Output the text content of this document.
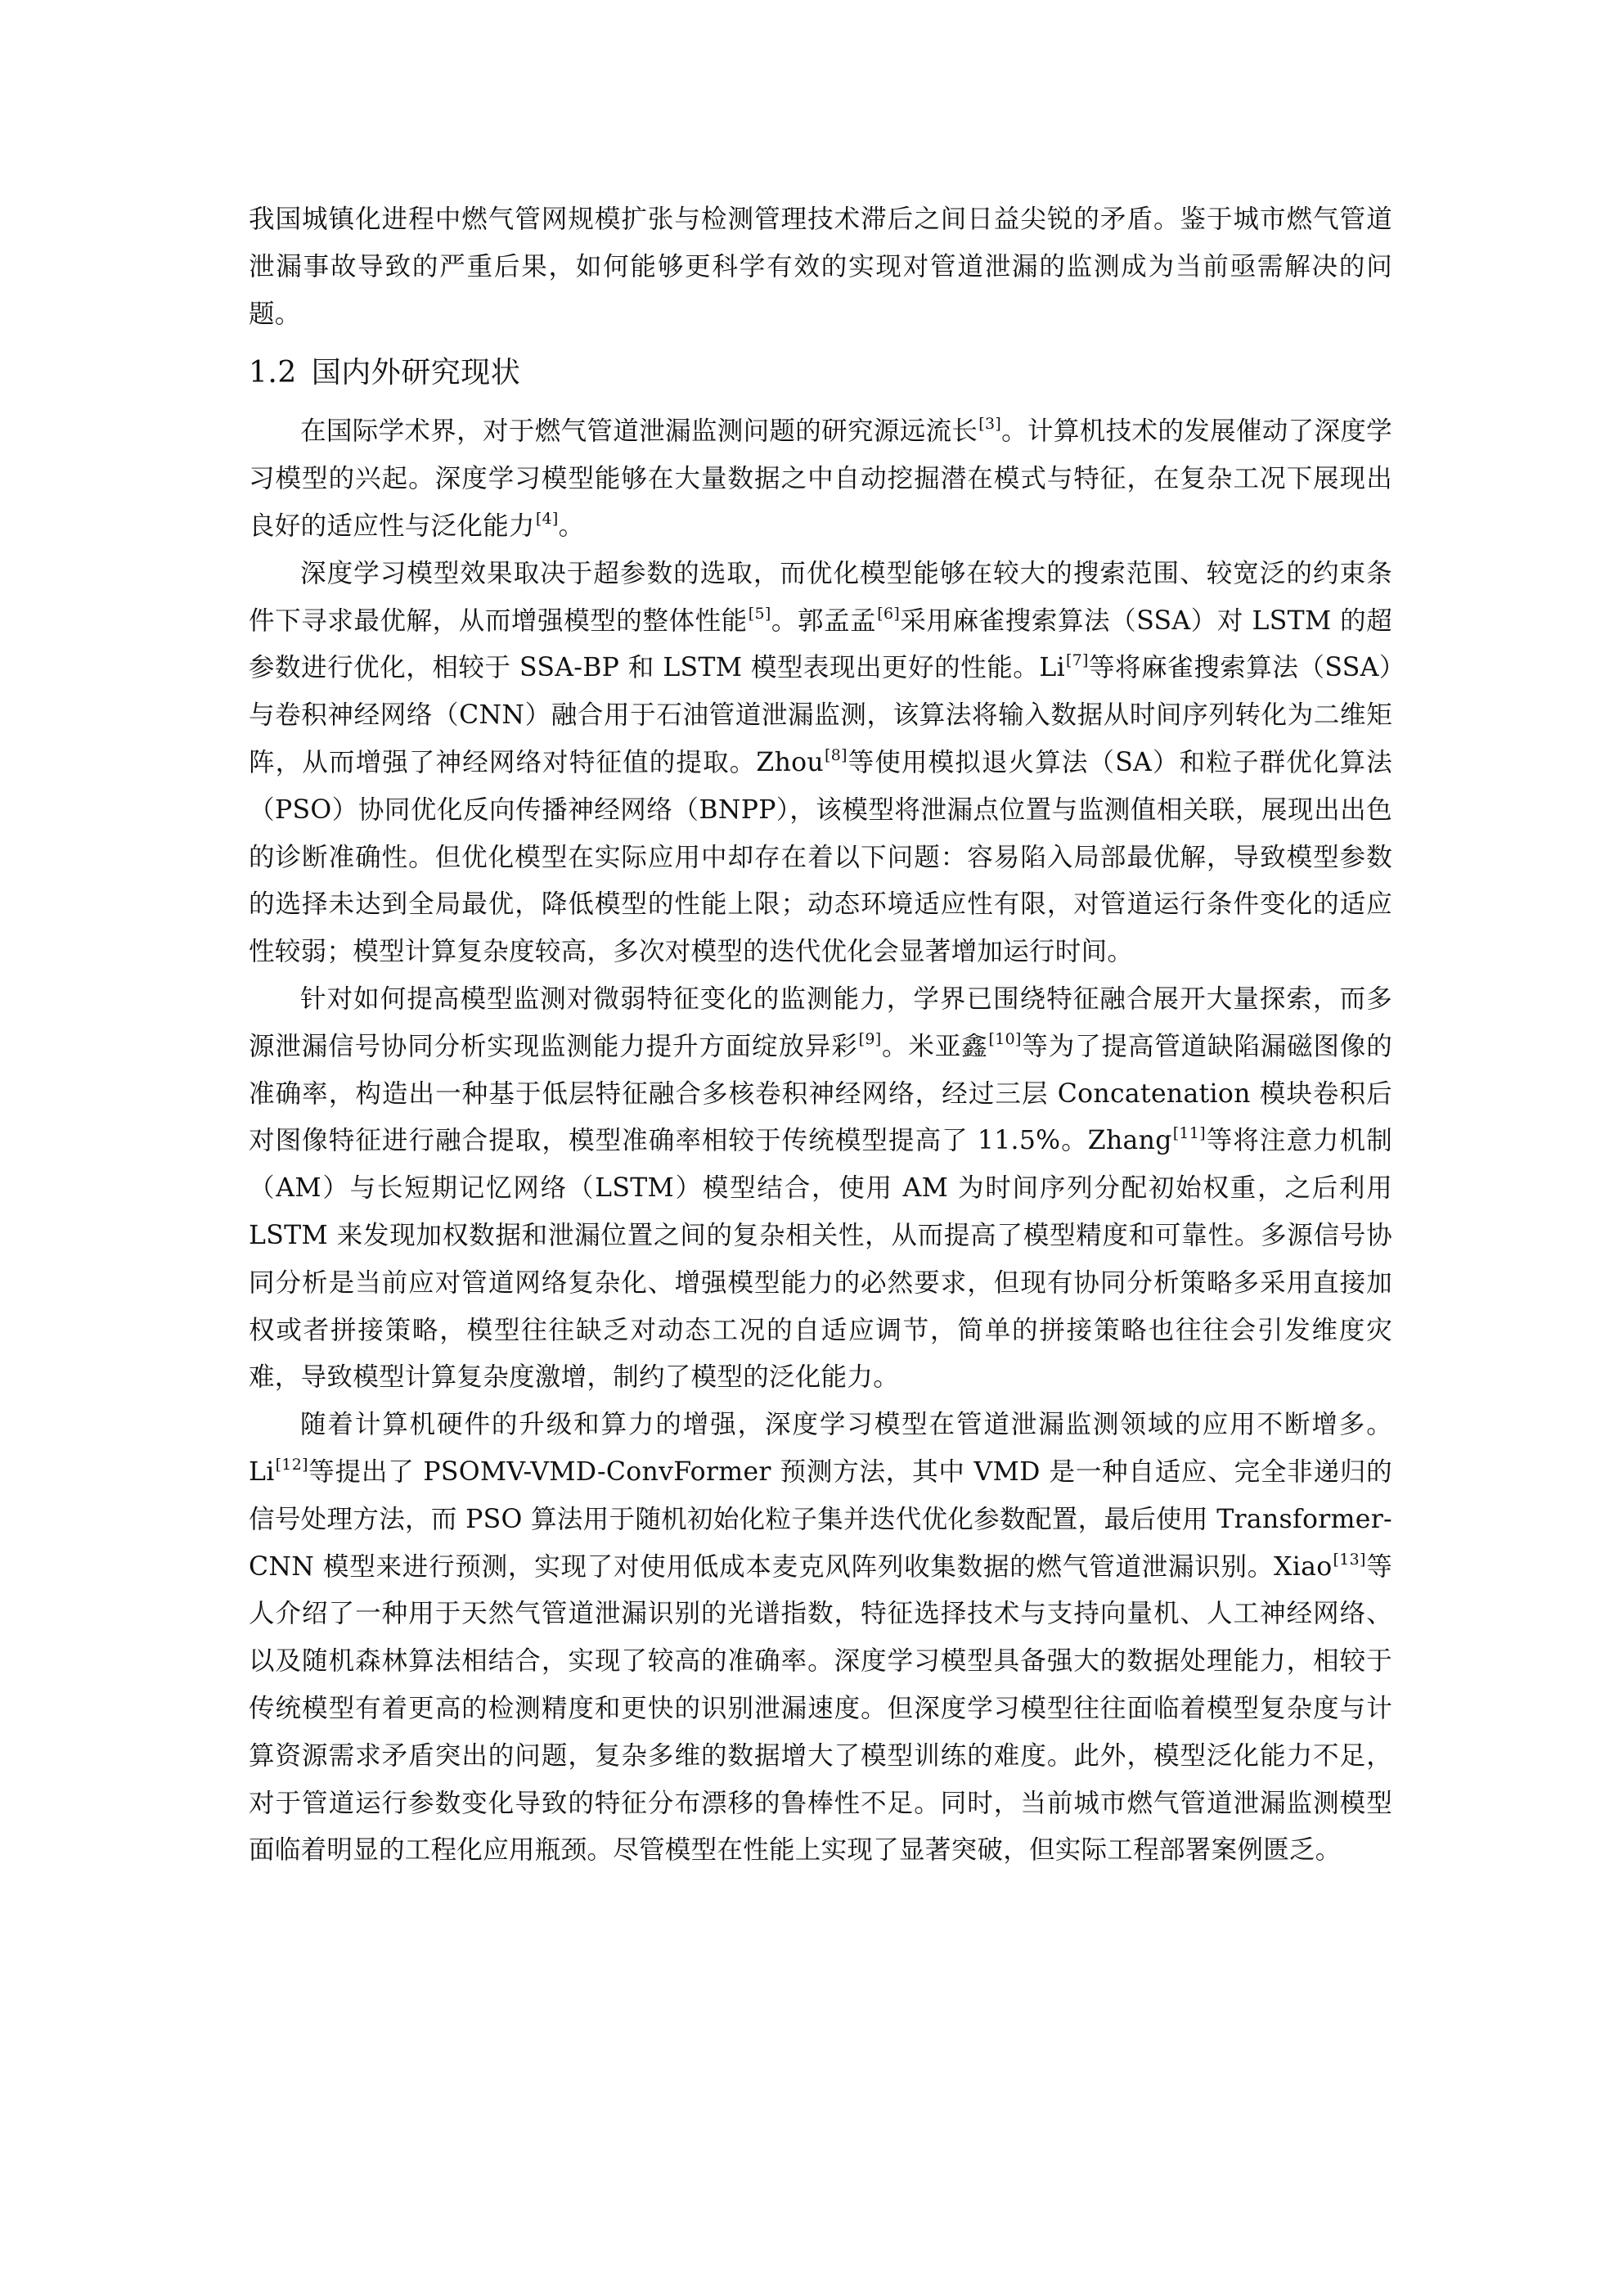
我国城镇化进程中燃气管网规模扩张与检测管理技术滞后之间日益尖锐的矛盾。鉴于城市燃气管道泄漏事故导致的严重后果，如何能够更科学有效的实现对管道泄漏的监测成为当前亟需解决的问题。

1.2 国内外研究现状

在国际学术界，对于燃气管道泄漏监测问题的研究源远流长[3]。计算机技术的发展催动了深度学习模型的兴起。深度学习模型能够在大量数据之中自动挖掘潜在模式与特征，在复杂工况下展现出良好的适应性与泛化能力[4]。

深度学习模型效果取决于超参数的选取，而优化模型能够在较大的搜索范围、较宽泛的约束条件下寻求最优解，从而增强模型的整体性能[5]。郭孟孟[6]采用麻雀搜索算法（SSA）对 LSTM 的超参数进行优化，相较于 SSA-BP 和 LSTM 模型表现出更好的性能。Li[7]等将麻雀搜索算法（SSA）与卷积神经网络（CNN）融合用于石油管道泄漏监测，该算法将输入数据从时间序列转化为二维矩阵，从而增强了神经网络对特征值的提取。Zhou[8]等使用模拟退火算法（SA）和粒子群优化算法（PSO）协同优化反向传播神经网络（BNPP），该模型将泄漏点位置与监测值相关联，展现出出色的诊断准确性。但优化模型在实际应用中却存在着以下问题：容易陷入局部最优解，导致模型参数的选择未达到全局最优，降低模型的性能上限；动态环境适应性有限，对管道运行条件变化的适应性较弱；模型计算复杂度较高，多次对模型的迭代优化会显著增加运行时间。

针对如何提高模型监测对微弱特征变化的监测能力，学界已围绕特征融合展开大量探索，而多源泄漏信号协同分析实现监测能力提升方面绽放异彩[9]。米亚鑫[10]等为了提高管道缺陷漏磁图像的准确率，构造出一种基于低层特征融合多核卷积神经网络，经过三层 Concatenation 模块卷积后对图像特征进行融合提取，模型准确率相较于传统模型提高了 11.5%。Zhang[11]等将注意力机制（AM）与长短期记忆网络（LSTM）模型结合，使用 AM 为时间序列分配初始权重，之后利用 LSTM 来发现加权数据和泄漏位置之间的复杂相关性，从而提高了模型精度和可靠性。多源信号协同分析是当前应对管道网络复杂化、增强模型能力的必然要求，但现有协同分析策略多采用直接加权或者拼接策略，模型往往缺乏对动态工况的自适应调节，简单的拼接策略也往往会引发维度灾难，导致模型计算复杂度激增，制约了模型的泛化能力。

随着计算机硬件的升级和算力的增强，深度学习模型在管道泄漏监测领域的应用不断增多。Li[12]等提出了 PSOMV-VMD-ConvFormer 预测方法，其中 VMD 是一种自适应、完全非递归的信号处理方法，而 PSO 算法用于随机初始化粒子集并迭代优化参数配置，最后使用 Transformer-CNN 模型来进行预测，实现了对使用低成本麦克风阵列收集数据的燃气管道泄漏识别。Xiao[13]等人介绍了一种用于天然气管道泄漏识别的光谱指数，特征选择技术与支持向量机、人工神经网络、以及随机森林算法相结合，实现了较高的准确率。深度学习模型具备强大的数据处理能力，相较于传统模型有着更高的检测精度和更快的识别泄漏速度。但深度学习模型往往面临着模型复杂度与计算资源需求矛盾突出的问题，复杂多维的数据增大了模型训练的难度。此外，模型泛化能力不足，对于管道运行参数变化导致的特征分布漂移的鲁棒性不足。同时，当前城市燃气管道泄漏监测模型面临着明显的工程化应用瓶颈。尽管模型在性能上实现了显著突破，但实际工程部署案例匮乏。
